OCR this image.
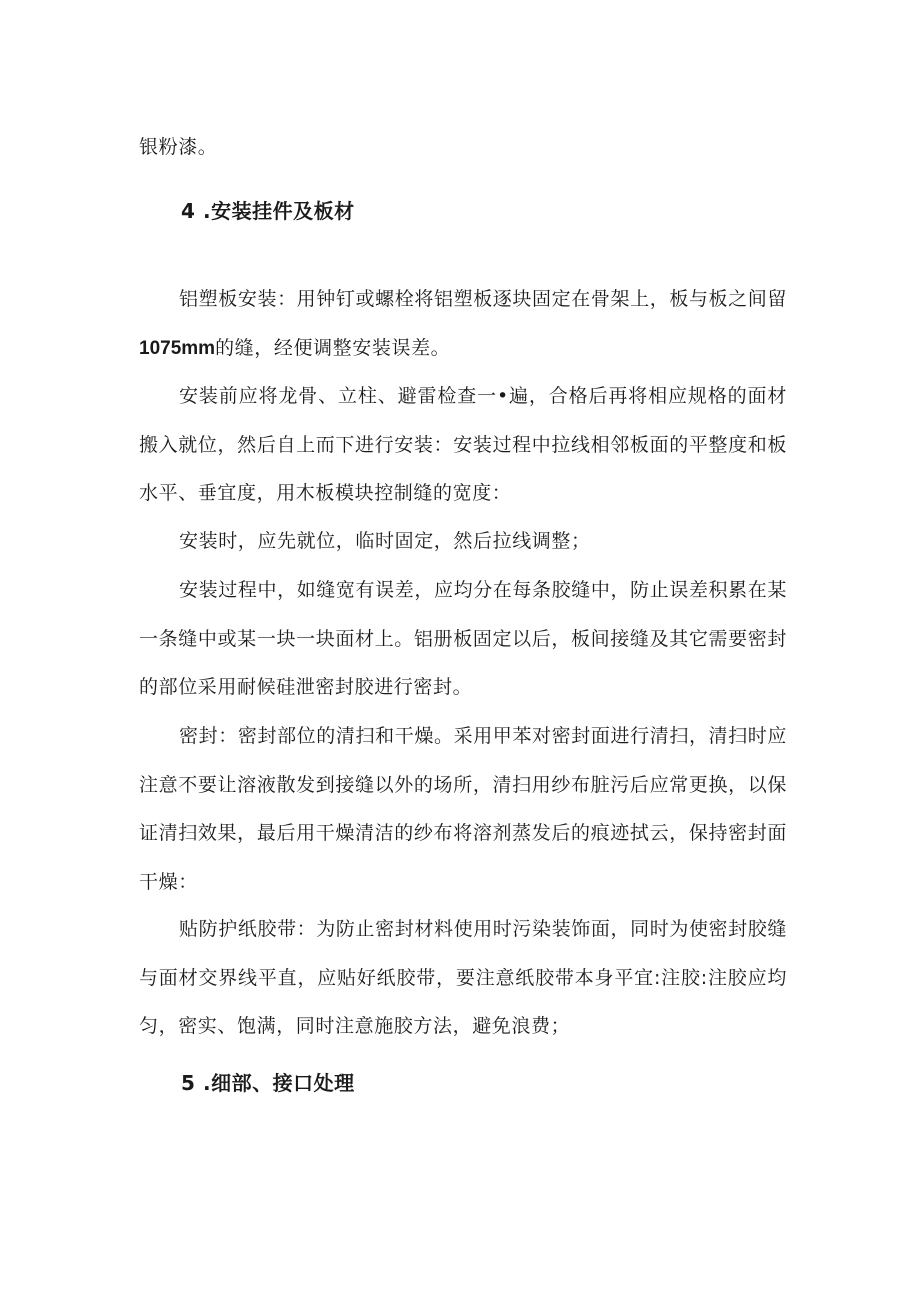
银粉漆。

4 .安装挂件及板材

铝塑板安装：用钟钉或螺栓将铝塑板逐块固定在骨架上，板与板之间留1075mm的缝，经便调整安装误差。

安装前应将龙骨、立柱、避雷检查一•遍，合格后再将相应规格的面材搬入就位，然后自上而下进行安装：安装过程中拉线相邻板面的平整度和板水平、垂宜度，用木板模块控制缝的宽度：

安装时，应先就位，临时固定，然后拉线调整；

安装过程中，如缝宽有误差，应均分在每条胶缝中，防止误差积累在某一条缝中或某一块一块面材上。铝册板固定以后，板间接缝及其它需要密封的部位采用耐候硅泄密封胶进行密封。

密封：密封部位的清扫和干燥。采用甲苯对密封面进行清扫，清扫时应注意不要让溶液散发到接缝以外的场所，清扫用纱布脏污后应常更换，以保证清扫效果，最后用干燥清洁的纱布将溶剂蒸发后的痕迹拭云，保持密封面干燥：

贴防护纸胶带：为防止密封材料使用时污染装饰面，同时为使密封胶缝与面材交界线平直，应贴好纸胶带，要注意纸胶带本身平宜:注胶:注胶应均匀，密实、饱满，同时注意施胶方法，避免浪费；

5 .细部、接口处理
